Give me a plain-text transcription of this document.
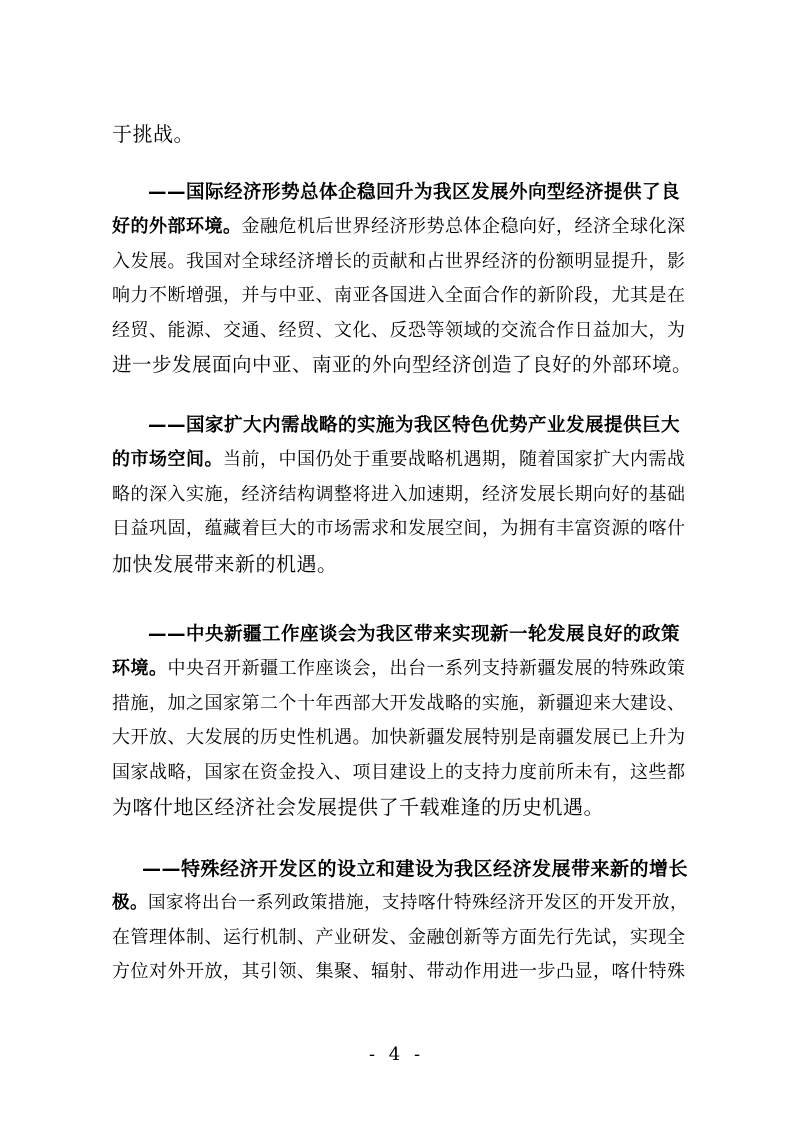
于挑战。
——国际经济形势总体企稳回升为我区发展外向型经济提供了良
好的外部环境。金融危机后世界经济形势总体企稳向好，经济全球化深
入发展。我国对全球经济增长的贡献和占世界经济的份额明显提升，影
响力不断增强，并与中亚、南亚各国进入全面合作的新阶段，尤其是在
经贸、能源、交通、经贸、文化、反恐等领域的交流合作日益加大，为
进一步发展面向中亚、南亚的外向型经济创造了良好的外部环境。
——国家扩大内需战略的实施为我区特色优势产业发展提供巨大
的市场空间。当前，中国仍处于重要战略机遇期，随着国家扩大内需战
略的深入实施，经济结构调整将进入加速期，经济发展长期向好的基础
日益巩固，蕴藏着巨大的市场需求和发展空间，为拥有丰富资源的喀什
加快发展带来新的机遇。
——中央新疆工作座谈会为我区带来实现新一轮发展良好的政策
环境。中央召开新疆工作座谈会，出台一系列支持新疆发展的特殊政策
措施，加之国家第二个十年西部大开发战略的实施，新疆迎来大建设、
大开放、大发展的历史性机遇。加快新疆发展特别是南疆发展已上升为
国家战略，国家在资金投入、项目建设上的支持力度前所未有，这些都
为喀什地区经济社会发展提供了千载难逢的历史机遇。
——特殊经济开发区的设立和建设为我区经济发展带来新的增长
极。国家将出台一系列政策措施，支持喀什特殊经济开发区的开发开放，
在管理体制、运行机制、产业研发、金融创新等方面先行先试，实现全
方位对外开放，其引领、集聚、辐射、带动作用进一步凸显，喀什特殊
- 4 -
